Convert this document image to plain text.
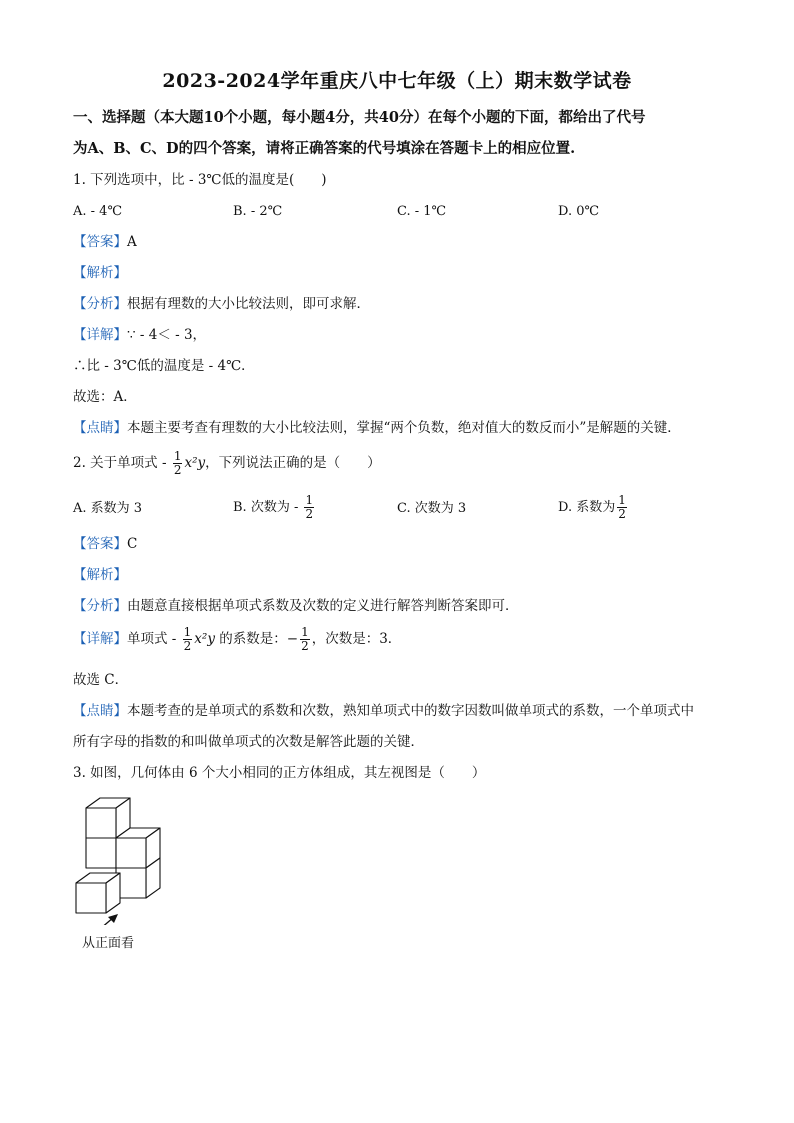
2023-2024学年重庆八中七年级（上）期末数学试卷
一、选择题（本大题10个小题，每小题4分，共40分）在每个小题的下面，都给出了代号
为A、B、C、D的四个答案，请将正确答案的代号填涂在答题卡上的相应位置.
1. 下列选项中，比 - 3℃低的温度是(　　)
A. - 4℃	B. - 2℃	C. - 1℃	D. 0℃
【答案】A
【解析】
【分析】根据有理数的大小比较法则，即可求解．
【详解】∵ - 4＜ - 3，
∴比 - 3℃低的温度是 - 4℃．
故选：A．
【点睛】本题主要考查有理数的大小比较法则，掌握“两个负数，绝对值大的数反而小”是解题的关键．
2. 关于单项式 - $\frac{1}{2} x^2y$，下列说法正确的是（　　）
A. 系数为 3	B. 次数为 - $\frac{1}{2}$	C. 次数为 3	D. 系数为 $\frac{1}{2}$
【答案】C
【解析】
【分析】由题意直接根据单项式系数及次数的定义进行解答判断答案即可．
【详解】单项式 - $\frac{1}{2} x^2y$ 的系数是：− $\frac{1}{2}$ ，次数是：3．
故选 C．
【点睛】本题考查的是单项式的系数和次数，熟知单项式中的数字因数叫做单项式的系数，一个单项式中
所有字母的指数的和叫做单项式的次数是解答此题的关键．
3. 如图，几何体由 6 个大小相同的正方体组成，其左视图是（　　）
从正面看
